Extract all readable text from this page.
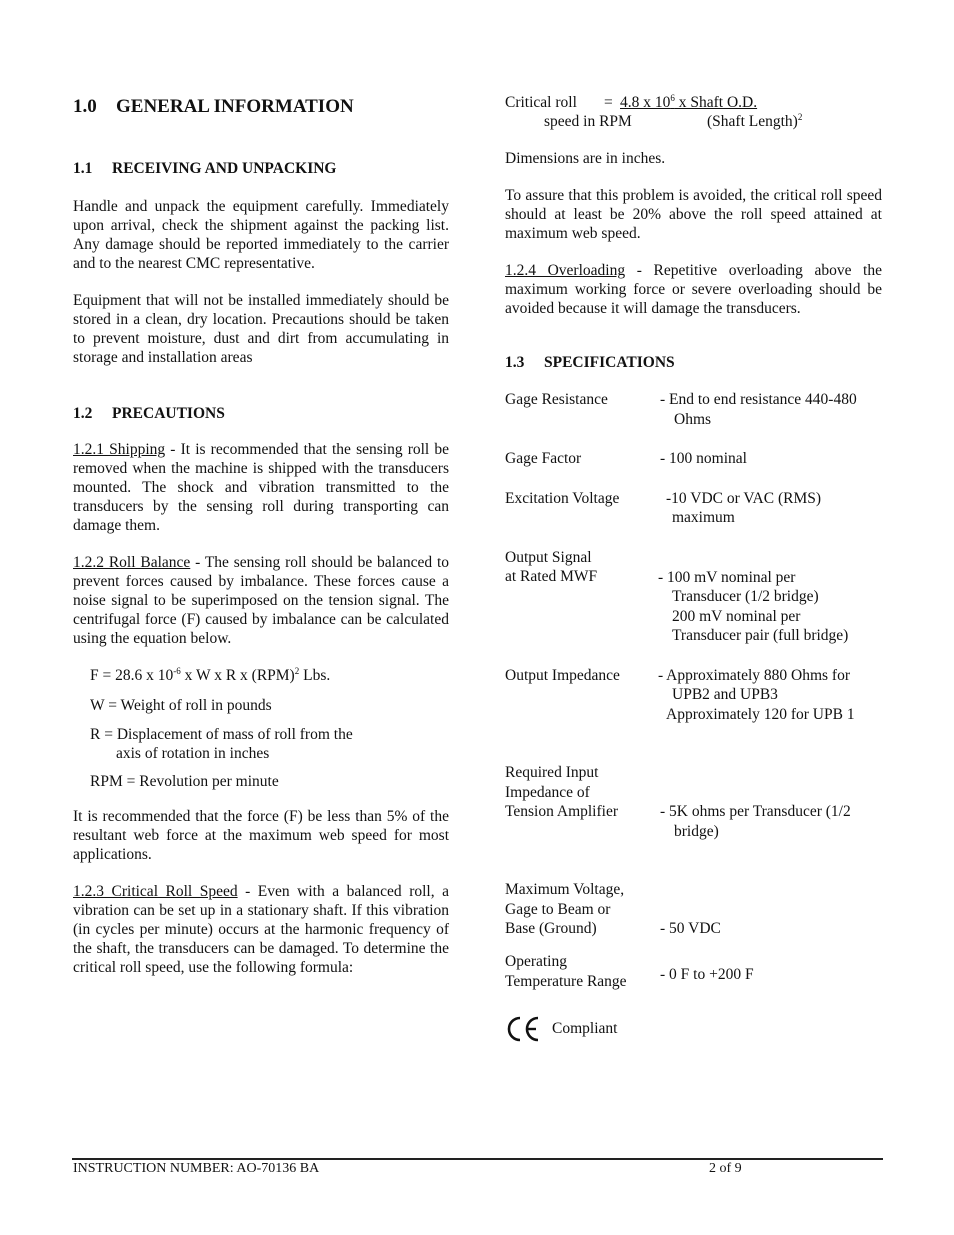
1.0	GENERAL INFORMATION
1.1	RECEIVING AND UNPACKING

Handle and unpack the equipment carefully. Immediately upon arrival, check the shipment against the packing list. Any damage should be reported immediately to the carrier and to the nearest CMC representative.

Equipment that will not be installed immediately should be stored in a clean, dry location. Precautions should be taken to prevent moisture, dust and dirt from accumulating in storage and installation areas

1.2	PRECAUTIONS

1.2.1 Shipping - It is recommended that the sensing roll be removed when the machine is shipped with the transducers mounted. The shock and vibration transmitted to the transducers by the sensing roll during transporting can damage them.

1.2.2 Roll Balance - The sensing roll should be balanced to prevent forces caused by imbalance. These forces cause a noise signal to be superimposed on the tension signal. The centrifugal force (F) caused by imbalance can be calculated using the equation below.

F = 28.6 x $10^{-6}$ x W x R x (RPM)$^2$ Lbs.
W = Weight of roll in pounds
R = Displacement of mass of roll from the
axis of rotation in inches
RPM = Revolution per minute

It is recommended that the force (F) be less than 5% of the resultant web force at the maximum web speed for most applications.

1.2.3 Critical Roll Speed - Even with a balanced roll, a vibration can be set up in a stationary shaft. If this vibration (in cycles per minute) occurs at the harmonic frequency of the shaft, the transducers can be damaged. To determine the critical roll speed, use the following formula:

Critical roll	= 4.8 x $10^6$ x Shaft O.D.
speed in RPM	(Shaft Length)$^2$

Dimensions are in inches.

To assure that this problem is avoided, the critical roll speed should at least be 20% above the roll speed attained at maximum web speed.

1.2.4 Overloading - Repetitive overloading above the maximum working force or severe overloading should be avoided because it will damage the transducers.

1.3	SPECIFICATIONS
Gage Resistance	- End to end resistance 440-480
Ohms
Gage Factor	- 100 nominal
Excitation Voltage	-10 VDC or VAC (RMS)
maximum
Output Signal
at Rated MWF	- 100 mV nominal per
Transducer (1/2 bridge)
200 mV nominal per
Transducer pair (full bridge)
Output Impedance	- Approximately 880 Ohms for
UPB2 and UPB3
Approximately 120 for UPB 1
Required Input
Impedance of
Tension Amplifier	- 5K ohms per Transducer (1/2
bridge)
Maximum Voltage,
Gage to Beam or
Base (Ground)	- 50 VDC
Operating
Temperature Range	- 0 F to +200 F
Compliant
INSTRUCTION NUMBER: AO-70136 BA	2 of 9
